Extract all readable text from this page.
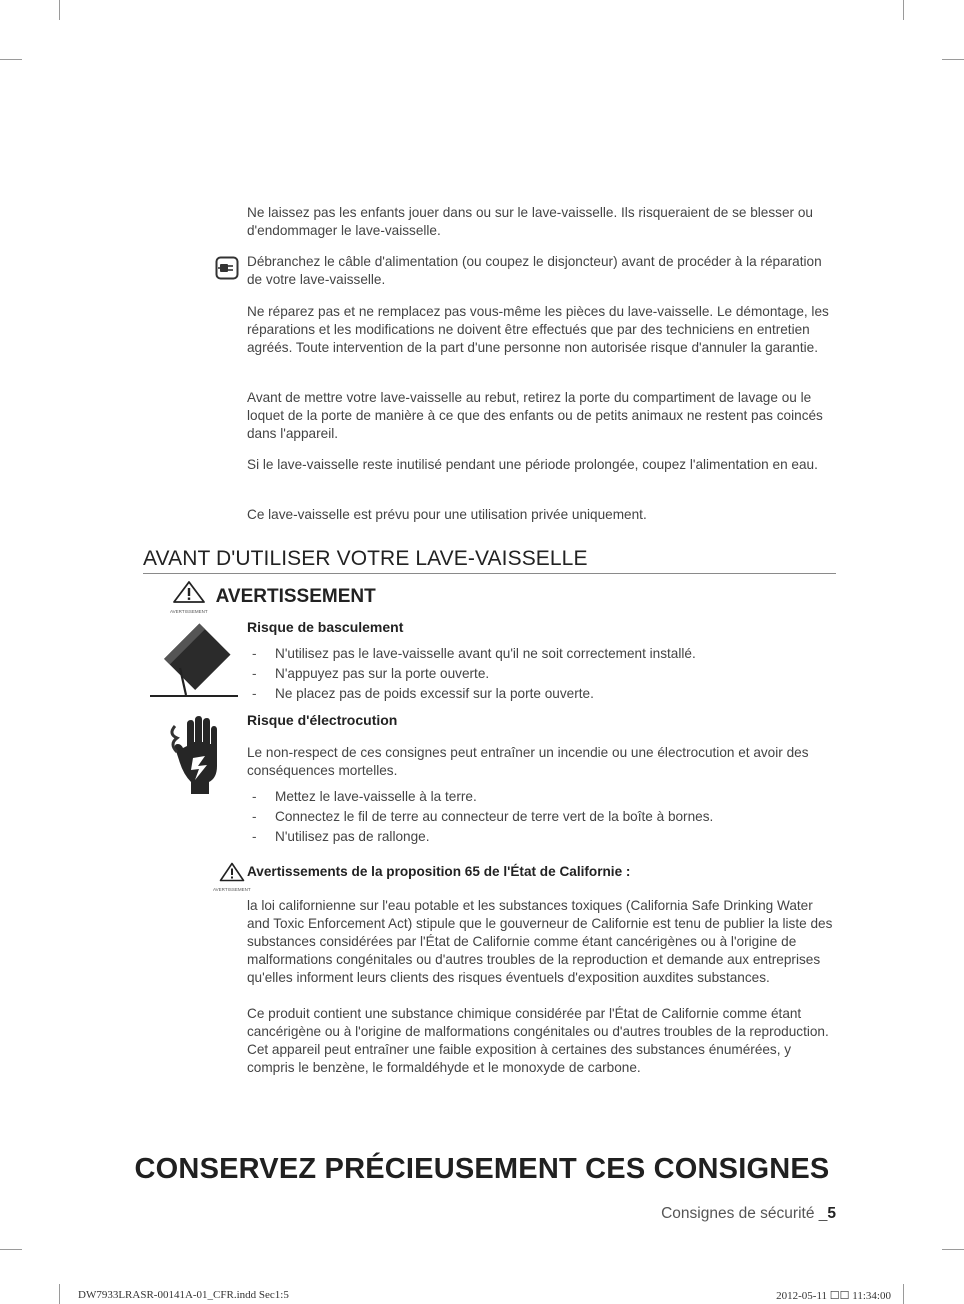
Ne laissez pas les enfants jouer dans ou sur le lave-vaisselle. Ils risqueraient de se blesser ou d'endommager le lave-vaisselle.

Débranchez le câble d'alimentation (ou coupez le disjoncteur) avant de procéder à la réparation de votre lave-vaisselle.

Ne réparez pas et ne remplacez pas vous-même les pièces du lave-vaisselle. Le démontage, les réparations et les modifications ne doivent être effectués que par des techniciens en entretien agréés. Toute intervention de la part d'une personne non autorisée risque d'annuler la garantie.

Avant de mettre votre lave-vaisselle au rebut, retirez la porte du compartiment de lavage ou le loquet de la porte de manière à ce que des enfants ou de petits animaux ne restent pas coincés dans l'appareil.

Si le lave-vaisselle reste inutilisé pendant une période prolongée, coupez l'alimentation en eau.

Ce lave-vaisselle est prévu pour une utilisation privée uniquement.

AVANT D'UTILISER VOTRE LAVE-VAISSELLE
AVERTISSEMENT
AVERTISSEMENT
Risque de basculement
- N'utilisez pas le lave-vaisselle avant qu'il ne soit correctement installé.
- N'appuyez pas sur la porte ouverte.
- Ne placez pas de poids excessif sur la porte ouverte.
Risque d'électrocution

Le non-respect de ces consignes peut entraîner un incendie ou une électrocution et avoir des conséquences mortelles.

- Mettez le lave-vaisselle à la terre.
- Connectez le fil de terre au connecteur de terre vert de la boîte à bornes.
- N'utilisez pas de rallonge.
AVERTISSEMENT
Avertissements de la proposition 65 de l'État de Californie :

la loi californienne sur l'eau potable et les substances toxiques (California Safe Drinking Water and Toxic Enforcement Act) stipule que le gouverneur de Californie est tenu de publier la liste des substances considérées par l'État de Californie comme étant cancérigènes ou à l'origine de malformations congénitales ou d'autres troubles de la reproduction et demande aux entreprises qu'elles informent leurs clients des risques éventuels d'exposition auxdites substances.

Ce produit contient une substance chimique considérée par l'État de Californie comme étant cancérigène ou à l'origine de malformations congénitales ou d'autres troubles de la reproduction. Cet appareil peut entraîner une faible exposition à certaines des substances énumérées, y compris le benzène, le formaldéhyde et le monoxyde de carbone.

CONSERVEZ PRÉCIEUSEMENT CES CONSIGNES
Consignes de sécurité _5
DW7933LRASR-00141A-01_CFR.indd Sec1:5	2012-05-11 ☐☐ 11:34:00
